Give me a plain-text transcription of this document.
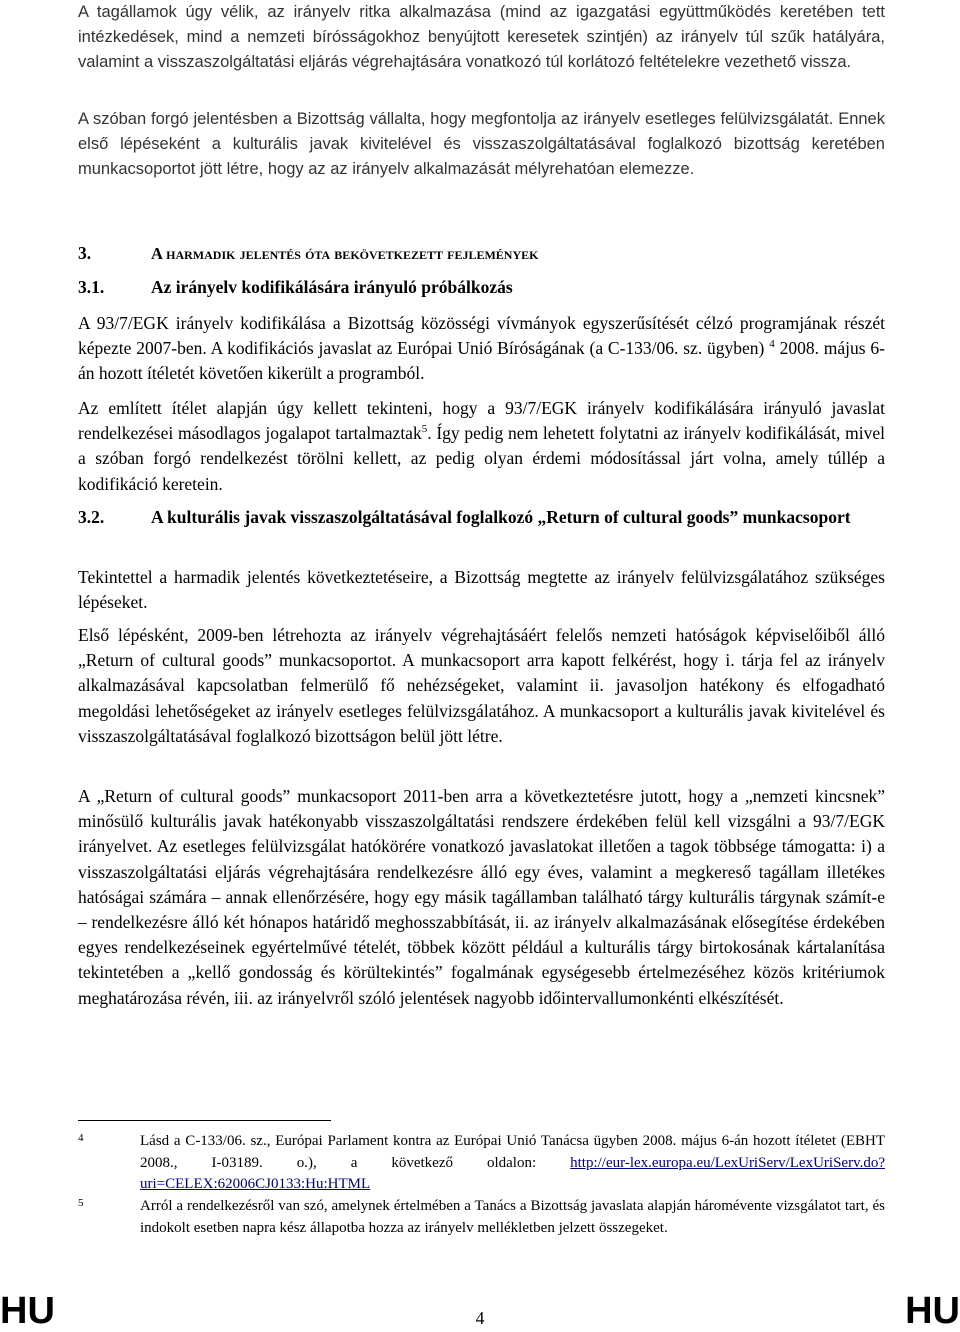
A tagállamok úgy vélik, az irányelv ritka alkalmazása (mind az igazgatási együttműködés keretében tett intézkedések, mind a nemzeti bírósságokhoz benyújtott keresetek szintjén) az irányelv túl szűk hatályára, valamint a visszaszolgáltatási eljárás végrehajtására vonatkozó túl korlátozó feltételekre vezethető vissza.

A szóban forgó jelentésben a Bizottság vállalta, hogy megfontolja az irányelv esetleges felülvizsgálatát. Ennek első lépéseként a kulturális javak kivitelével és visszaszolgáltatásával foglalkozó bizottság keretében munkacsoportot jött létre, hogy az az irányelv alkalmazását mélyrehatóan elemezze.

3.	A harmadik jelentés óta bekövetkezett fejlemények
3.1.	Az irányelv kodifikálására irányuló próbálkozás

A 93/7/EGK irányelv kodifikálása a Bizottság közösségi vívmányok egyszerűsítését célzó programjának részét képezte 2007-ben. A kodifikációs javaslat az Európai Unió Bíróságának (a C-133/06. sz. ügyben) $^4$ 2008. május 6-án hozott ítéletét követően kikerült a programból.

Az említett ítélet alapján úgy kellett tekinteni, hogy a 93/7/EGK irányelv kodifikálására irányuló javaslat rendelkezései másodlagos jogalapot tartalmaztak$^5$. Így pedig nem lehetett folytatni az irányelv kodifikálását, mivel a szóban forgó rendelkezést törölni kellett, az pedig olyan érdemi módosítással járt volna, amely túllép a kodifikáció keretein.

3.2.	A kulturális javak visszaszolgáltatásával foglalkozó „Return of cultural goods” munkacsoport

Tekintettel a harmadik jelentés következtetéseire, a Bizottság megtette az irányelv felülvizsgálatához szükséges lépéseket.

Első lépésként, 2009-ben létrehozta az irányelv végrehajtásáért felelős nemzeti hatóságok képviselőiből álló „Return of cultural goods” munkacsoportot. A munkacsoport arra kapott felkérést, hogy i. tárja fel az irányelv alkalmazásával kapcsolatban felmerülő fő nehézségeket, valamint ii. javasoljon hatékony és elfogadható megoldási lehetőségeket az irányelv esetleges felülvizsgálatához. A munkacsoport a kulturális javak kivitelével és visszaszolgáltatásával foglalkozó bizottságon belül jött létre.

A „Return of cultural goods” munkacsoport 2011-ben arra a következtetésre jutott, hogy a „nemzeti kincsnek” minősülő kulturális javak hatékonyabb visszaszolgáltatási rendszere érdekében felül kell vizsgálni a 93/7/EGK irányelvet. Az esetleges felülvizsgálat hatókörére vonatkozó javaslatokat illetően a tagok többsége támogatta: i) a visszaszolgáltatási eljárás végrehajtására rendelkezésre álló egy éves, valamint a megkereső tagállam illetékes hatóságai számára – annak ellenőrzésére, hogy egy másik tagállamban található tárgy kulturális tárgynak számít-e – rendelkezésre álló két hónapos határidő meghosszabbítását, ii. az irányelv alkalmazásának elősegítése érdekében egyes rendelkezéseinek egyértelművé tételét, többek között például a kulturális tárgy birtokosának kártalanítása tekintetében a „kellő gondosság és körültekintés” fogalmának egységesebb értelmezéséhez közös kritériumok meghatározása révén, iii. az irányelvről szóló jelentések nagyobb időintervallumonkénti elkészítését.

4	Lásd a C-133/06. sz., Európai Parlament kontra az Európai Unió Tanácsa ügyben 2008. május 6-án hozott ítéletet (EBHT 2008., I-03189. o.), a következő oldalon: http://eur-lex.europa.eu/LexUriServ/LexUriServ.do?uri=CELEX:62006CJ0133:Hu:HTML
5	Arról a rendelkezésről van szó, amelynek értelmében a Tanács a Bizottság javaslata alapján háromévente vizsgálatot tart, és indokolt esetben napra kész állapotba hozza az irányelv mellékletben jelzett összegeket.
HU	4	HU
